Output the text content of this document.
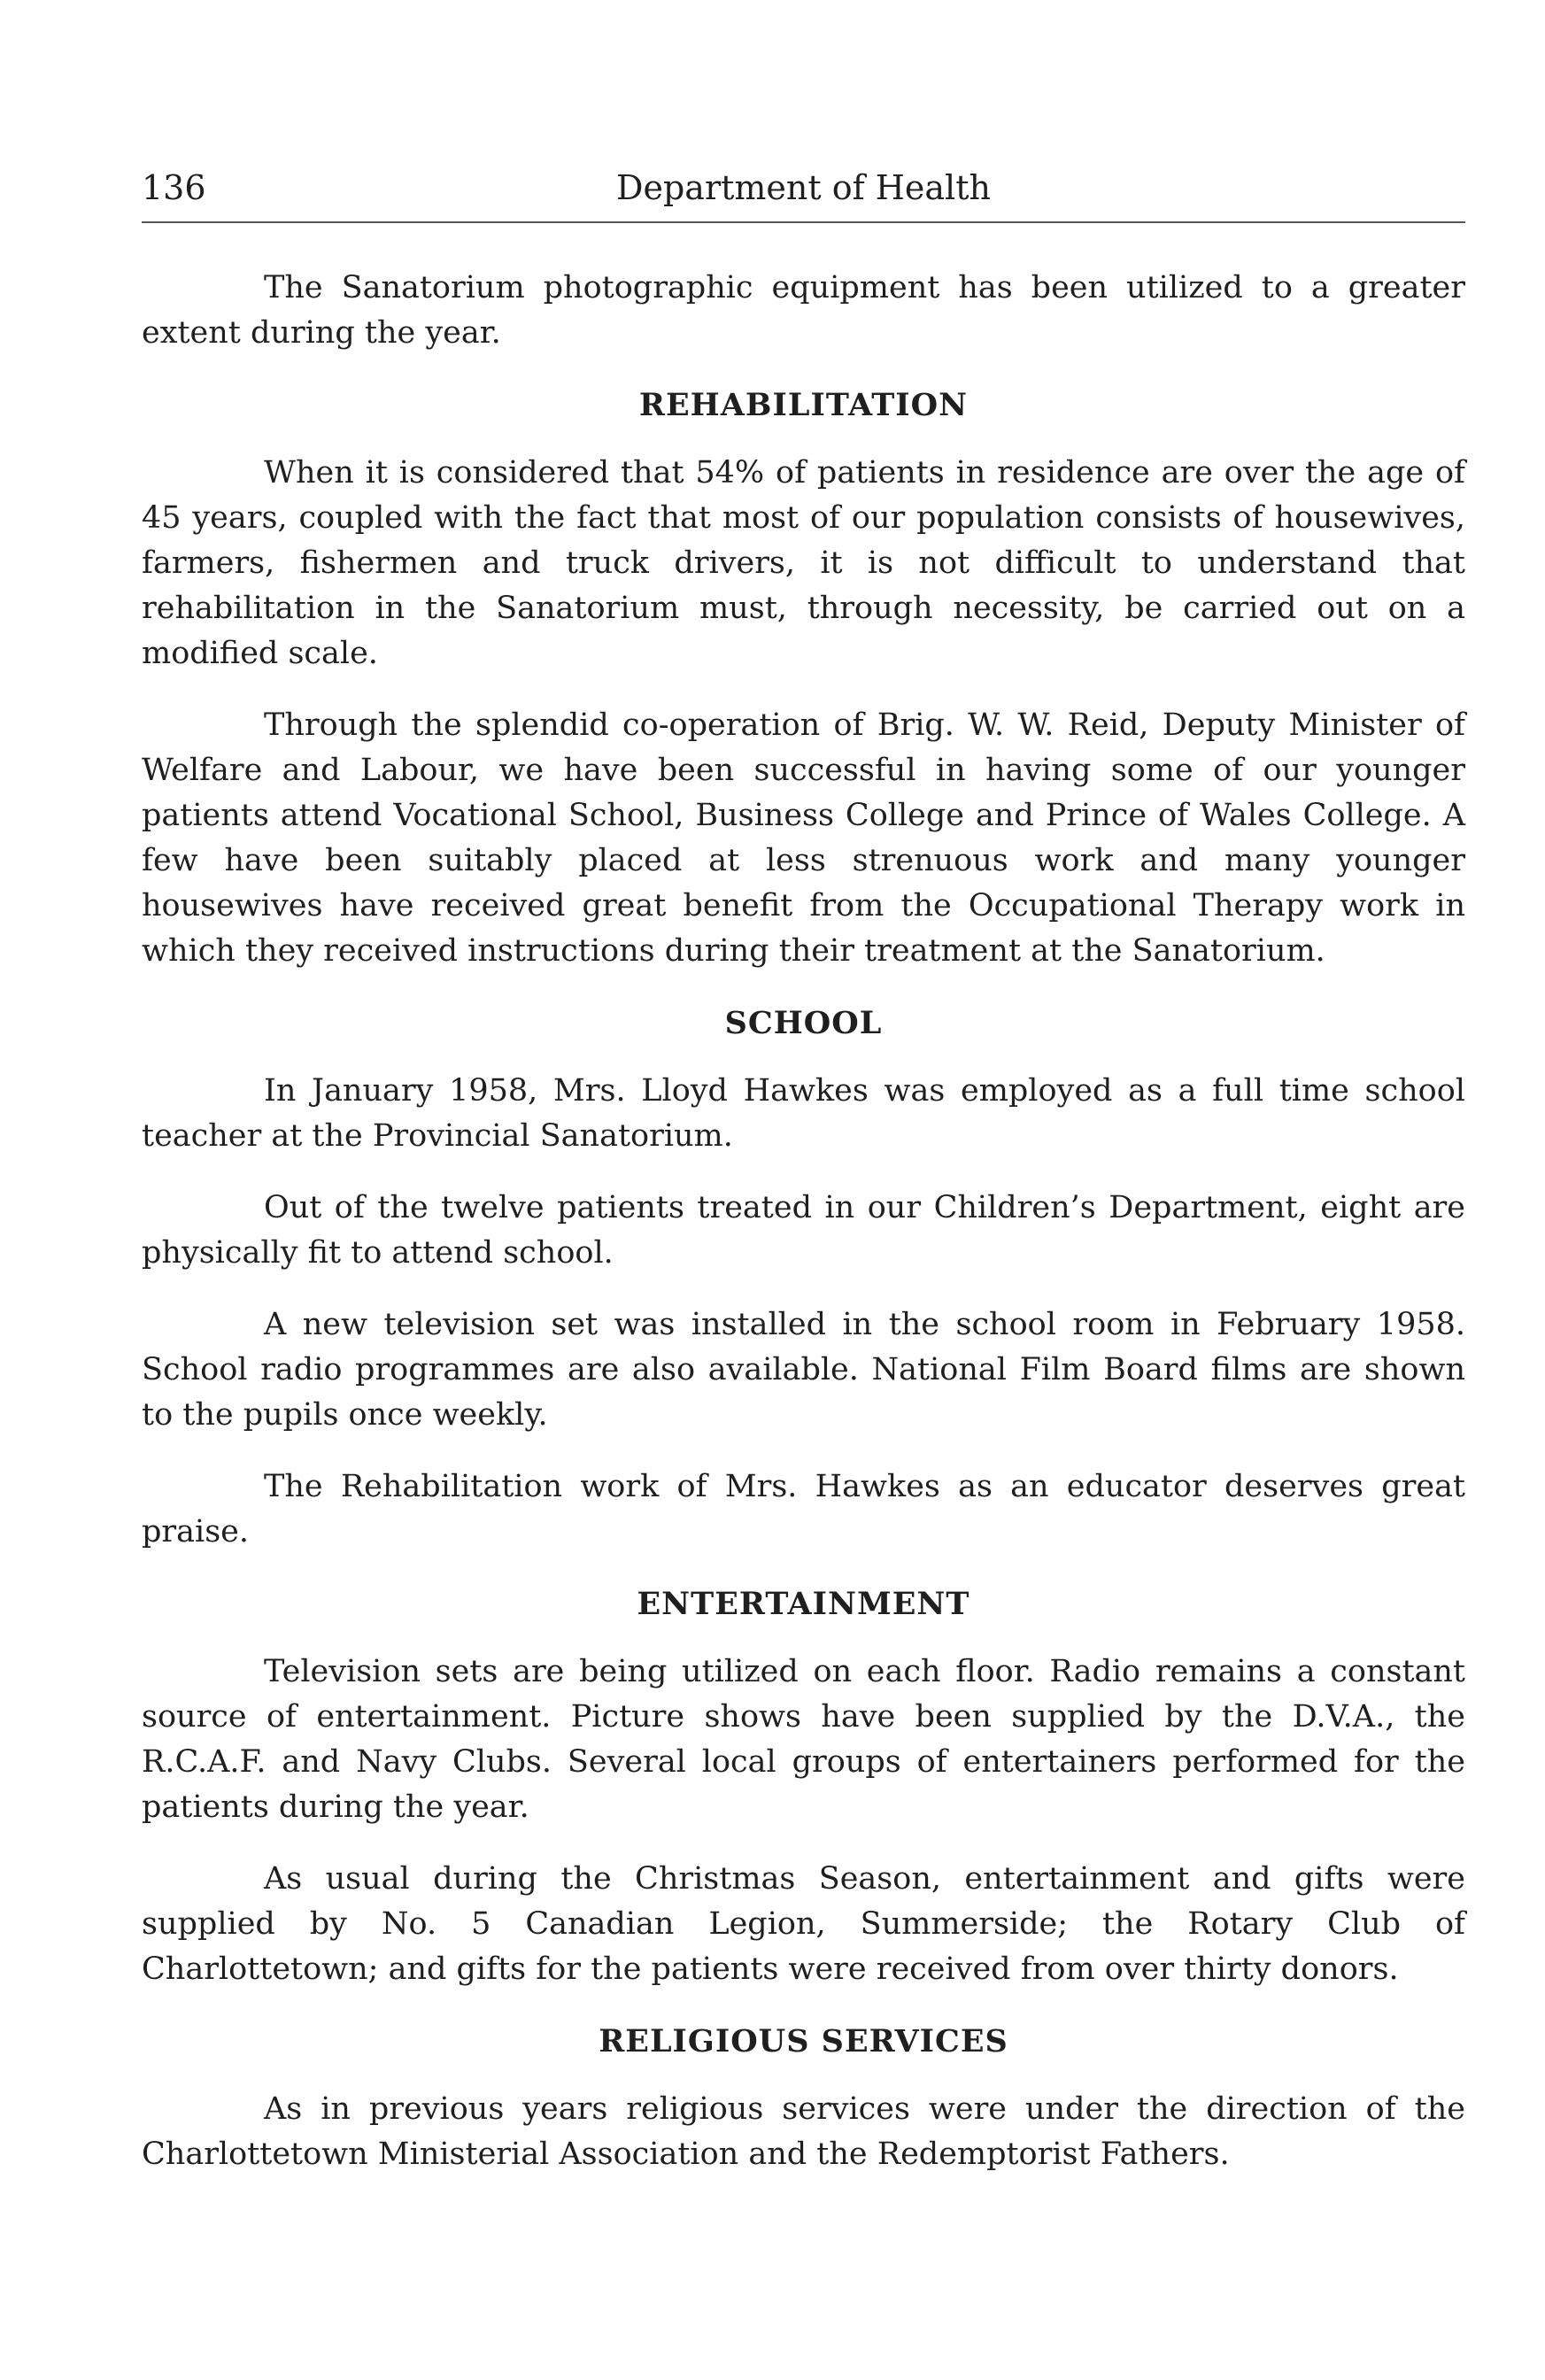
136	Department of Health

The Sanatorium photographic equipment has been utilized to a greater extent during the year.

REHABILITATION

When it is considered that 54% of patients in residence are over the age of 45 years, coupled with the fact that most of our population consists of housewives, farmers, fishermen and truck drivers, it is not difficult to understand that rehabilitation in the Sanatorium must, through necessity, be carried out on a modified scale.

Through the splendid co-operation of Brig. W. W. Reid, Deputy Minister of Welfare and Labour, we have been successful in having some of our younger patients attend Vocational School, Business College and Prince of Wales College. A few have been suitably placed at less strenuous work and many younger housewives have received great benefit from the Occupational Therapy work in which they received instructions during their treatment at the Sanatorium.

SCHOOL

In January 1958, Mrs. Lloyd Hawkes was employed as a full time school teacher at the Provincial Sanatorium.

Out of the twelve patients treated in our Children’s Department, eight are physically fit to attend school.

A new television set was installed in the school room in February 1958. School radio programmes are also available. National Film Board films are shown to the pupils once weekly.

The Rehabilitation work of Mrs. Hawkes as an educator deserves great praise.

ENTERTAINMENT

Television sets are being utilized on each floor. Radio remains a constant source of entertainment. Picture shows have been supplied by the D.V.A., the R.C.A.F. and Navy Clubs. Several local groups of entertainers performed for the patients during the year.

As usual during the Christmas Season, entertainment and gifts were supplied by No. 5 Canadian Legion, Summerside; the Rotary Club of Charlottetown; and gifts for the patients were received from over thirty donors.

RELIGIOUS SERVICES

As in previous years religious services were under the direction of the Charlottetown Ministerial Association and the Redemptorist Fathers.
